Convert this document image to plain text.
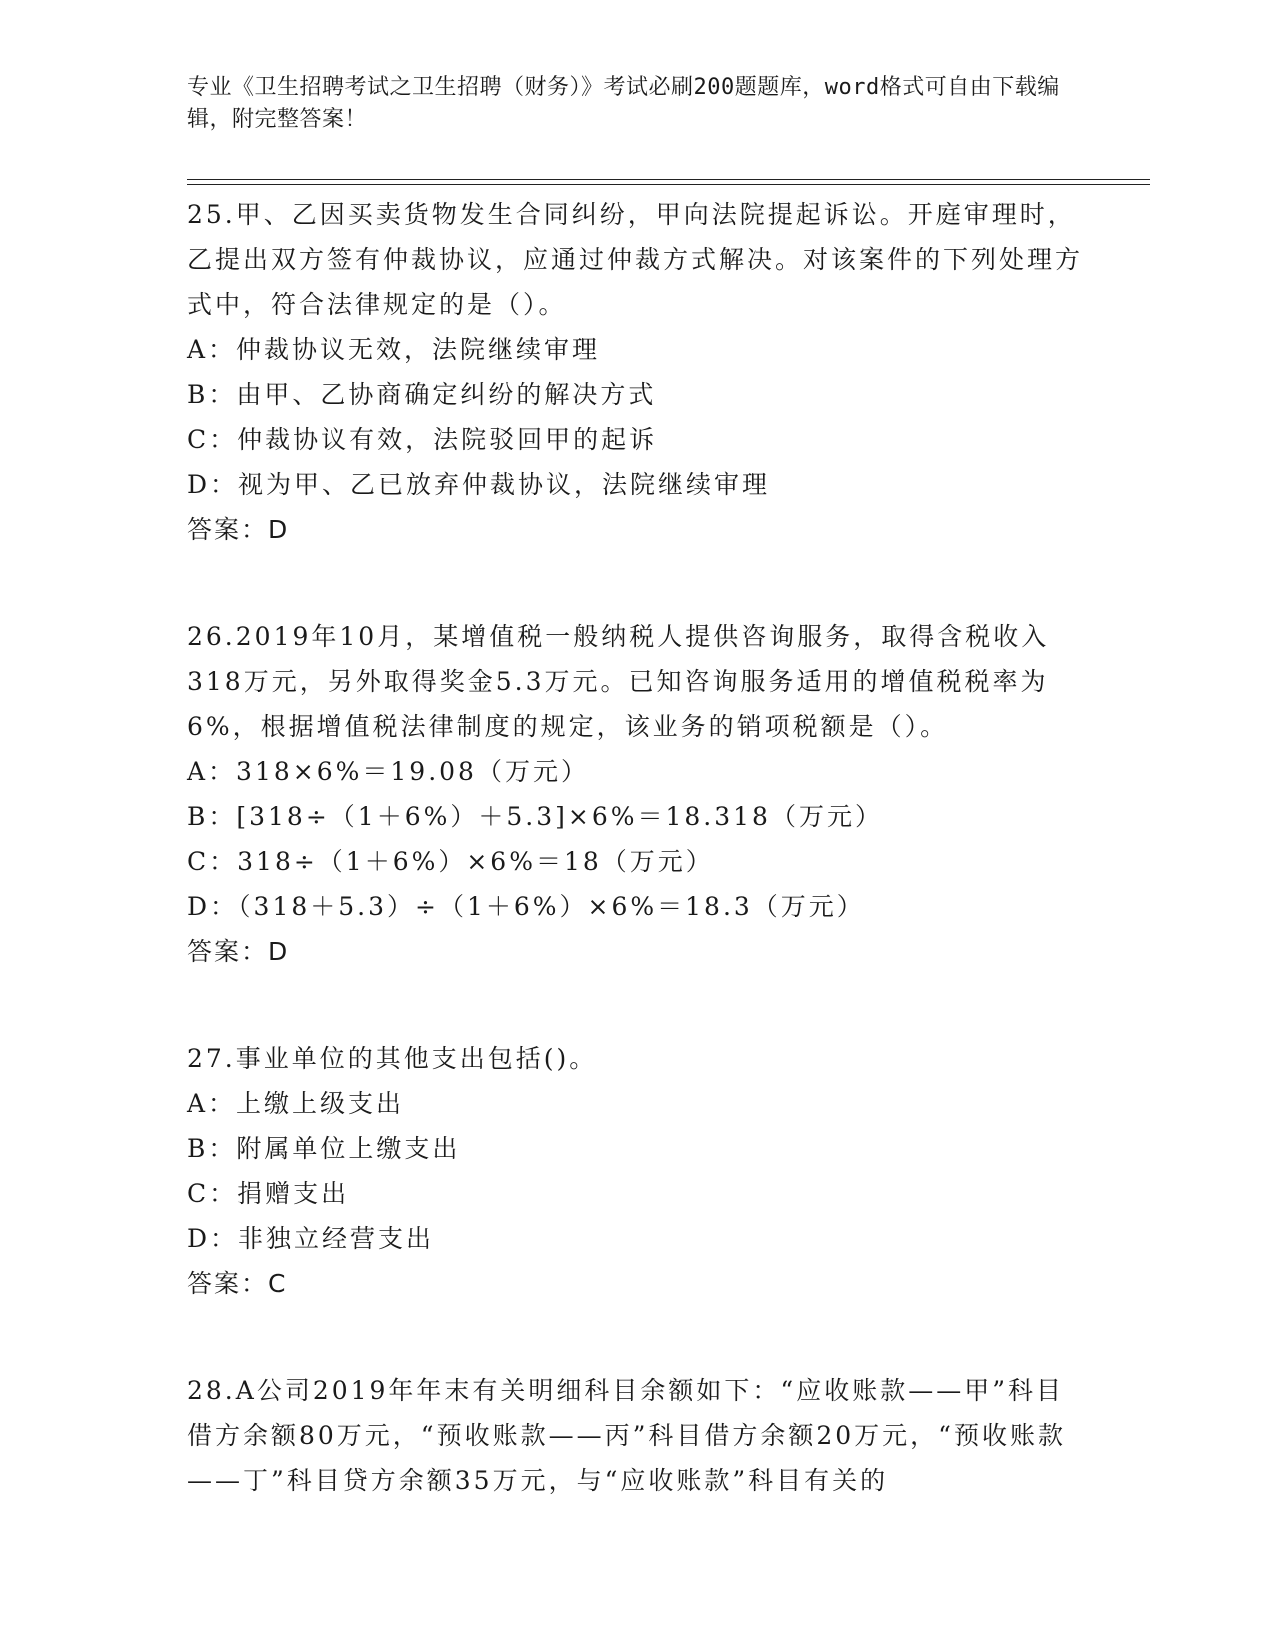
专业《卫生招聘考试之卫生招聘（财务）》考试必刷200题题库，word格式可自由下载编辑，附完整答案！

25.甲、乙因买卖货物发生合同纠纷，甲向法院提起诉讼。开庭审理时，乙提出双方签有仲裁协议，应通过仲裁方式解决。对该案件的下列处理方式中，符合法律规定的是（）。

A：仲裁协议无效，法院继续审理

B：由甲、乙协商确定纠纷的解决方式

C：仲裁协议有效，法院驳回甲的起诉

D：视为甲、乙已放弃仲裁协议，法院继续审理

答案：D

26.2019年10月，某增值税一般纳税人提供咨询服务，取得含税收入318万元，另外取得奖金5.3万元。已知咨询服务适用的增值税税率为6%，根据增值税法律制度的规定，该业务的销项税额是（）。

A：318×6%＝19.08（万元）

B：[318÷（1＋6%）＋5.3]×6%＝18.318（万元）

C：318÷（1＋6%）×6%＝18（万元）

D：（318＋5.3）÷（1＋6%）×6%＝18.3（万元）

答案：D

27.事业单位的其他支出包括()。

A：上缴上级支出

B：附属单位上缴支出

C：捐赠支出

D：非独立经营支出

答案：C

28.A公司2019年年末有关明细科目余额如下：“应收账款——甲”科目借方余额80万元，“预收账款——丙”科目借方余额20万元，“预收账款——丁”科目贷方余额35万元，与“应收账款”科目有关的
